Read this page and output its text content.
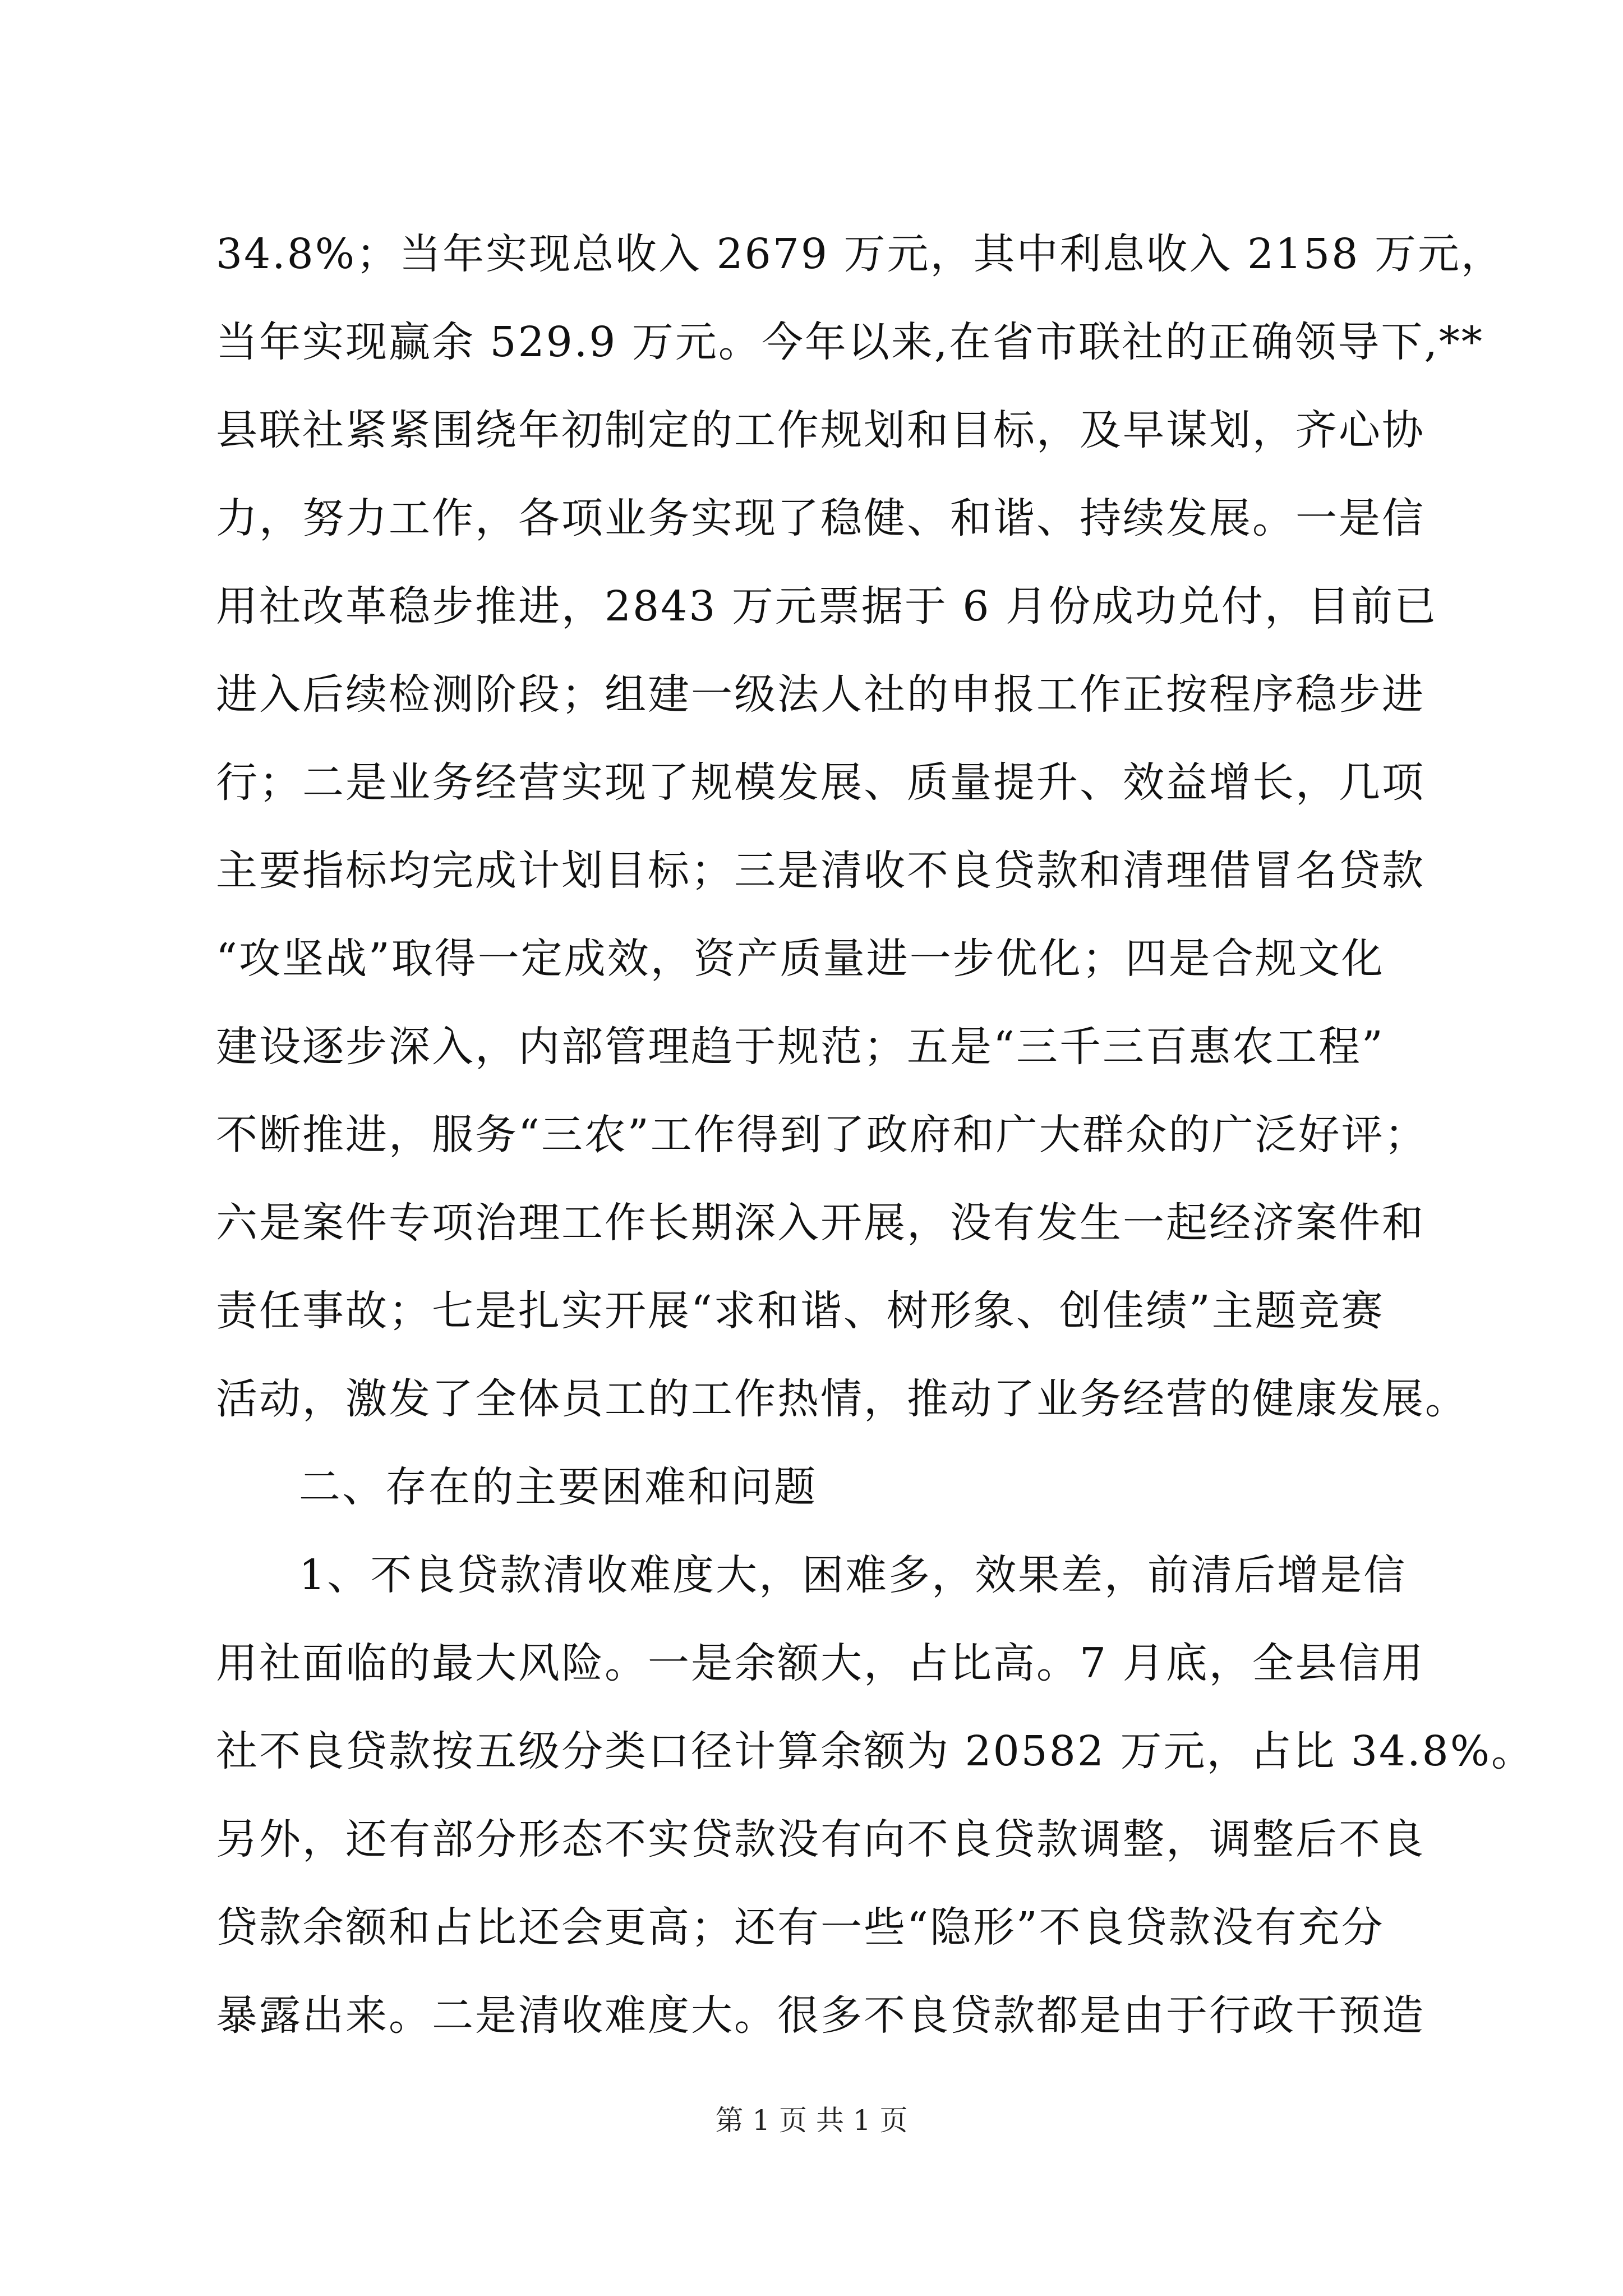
34.8%；当年实现总收入 2679 万元，其中利息收入 2158 万元，
当年实现赢余 529.9 万元。今年以来,在省市联社的正确领导下,**
县联社紧紧围绕年初制定的工作规划和目标，及早谋划，齐心协
力，努力工作，各项业务实现了稳健、和谐、持续发展。一是信
用社改革稳步推进，2843 万元票据于 6 月份成功兑付，目前已
进入后续检测阶段；组建一级法人社的申报工作正按程序稳步进
行；二是业务经营实现了规模发展、质量提升、效益增长，几项
主要指标均完成计划目标；三是清收不良贷款和清理借冒名贷款
“攻坚战”取得一定成效，资产质量进一步优化；四是合规文化
建设逐步深入，内部管理趋于规范；五是“三千三百惠农工程”
不断推进，服务“三农”工作得到了政府和广大群众的广泛好评；
六是案件专项治理工作长期深入开展，没有发生一起经济案件和
责任事故；七是扎实开展“求和谐、树形象、创佳绩”主题竞赛
活动，激发了全体员工的工作热情，推动了业务经营的健康发展。
二、存在的主要困难和问题
1、不良贷款清收难度大，困难多，效果差，前清后增是信
用社面临的最大风险。一是余额大，占比高。7 月底，全县信用
社不良贷款按五级分类口径计算余额为 20582 万元，占比 34.8%。
另外，还有部分形态不实贷款没有向不良贷款调整，调整后不良
贷款余额和占比还会更高；还有一些“隐形”不良贷款没有充分
暴露出来。二是清收难度大。很多不良贷款都是由于行政干预造
第 1 页 共 1 页
